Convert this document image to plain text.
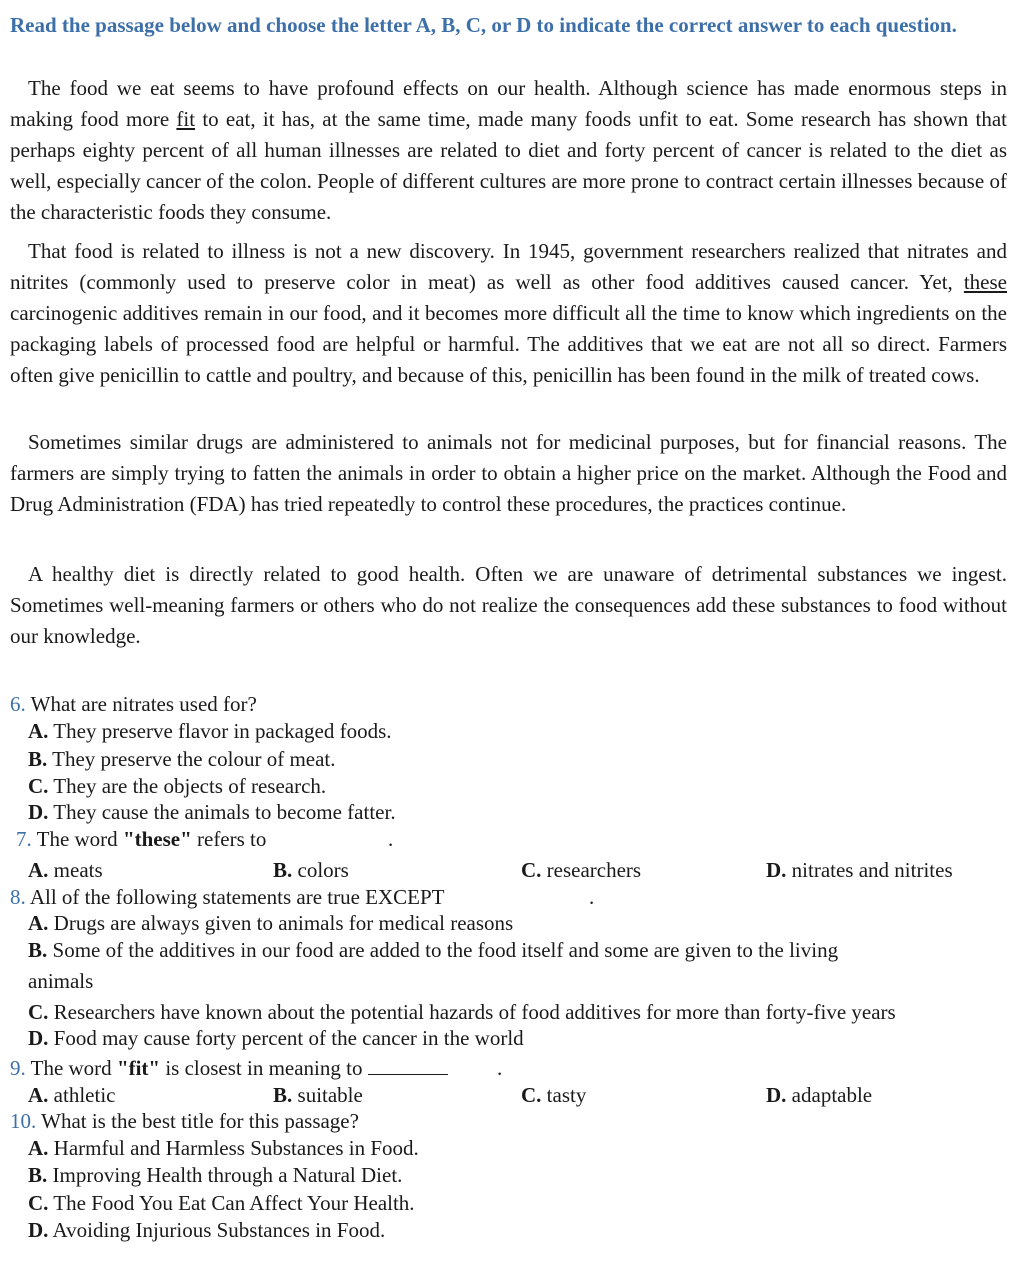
Read the passage below and choose the letter A, B, C, or D to indicate the correct answer to each question.

The food we eat seems to have profound effects on our health. Although science has made enormous steps in making food more fit to eat, it has, at the same time, made many foods unfit to eat. Some research has shown that perhaps eighty percent of all human illnesses are related to diet and forty percent of cancer is related to the diet as well, especially cancer of the colon. People of different cultures are more prone to contract certain illnesses because of the characteristic foods they consume.

That food is related to illness is not a new discovery. In 1945, government researchers realized that nitrates and nitrites (commonly used to preserve color in meat) as well as other food additives caused cancer. Yet, these carcinogenic additives remain in our food, and it becomes more difficult all the time to know which ingredients on the packaging labels of processed food are helpful or harmful. The additives that we eat are not all so direct. Farmers often give penicillin to cattle and poultry, and because of this, penicillin has been found in the milk of treated cows.

Sometimes similar drugs are administered to animals not for medicinal purposes, but for financial reasons. The farmers are simply trying to fatten the animals in order to obtain a higher price on the market. Although the Food and Drug Administration (FDA) has tried repeatedly to control these procedures, the practices continue.

A healthy diet is directly related to good health. Often we are unaware of detrimental substances we ingest. Sometimes well-meaning farmers or others who do not realize the consequences add these substances to food without our knowledge.

6. What are nitrates used for?
A. They preserve flavor in packaged foods.
B. They preserve the colour of meat.
C. They are the objects of research.
D. They cause the animals to become fatter.
7. The word "these" refers to	.
A. meats	B. colors	C. researchers	D. nitrates and nitrites
8. All of the following statements are true EXCEPT	.
A. Drugs are always given to animals for medical reasons
B. Some of the additives in our food are added to the food itself and some are given to the living
animals
C. Researchers have known about the potential hazards of food additives for more than forty-five years
D. Food may cause forty percent of the cancer in the world
9. The word "fit" is closest in meaning to	.
A. athletic	B. suitable	C. tasty	D. adaptable
10. What is the best title for this passage?
A. Harmful and Harmless Substances in Food.
B. Improving Health through a Natural Diet.
C. The Food You Eat Can Affect Your Health.
D. Avoiding Injurious Substances in Food.
